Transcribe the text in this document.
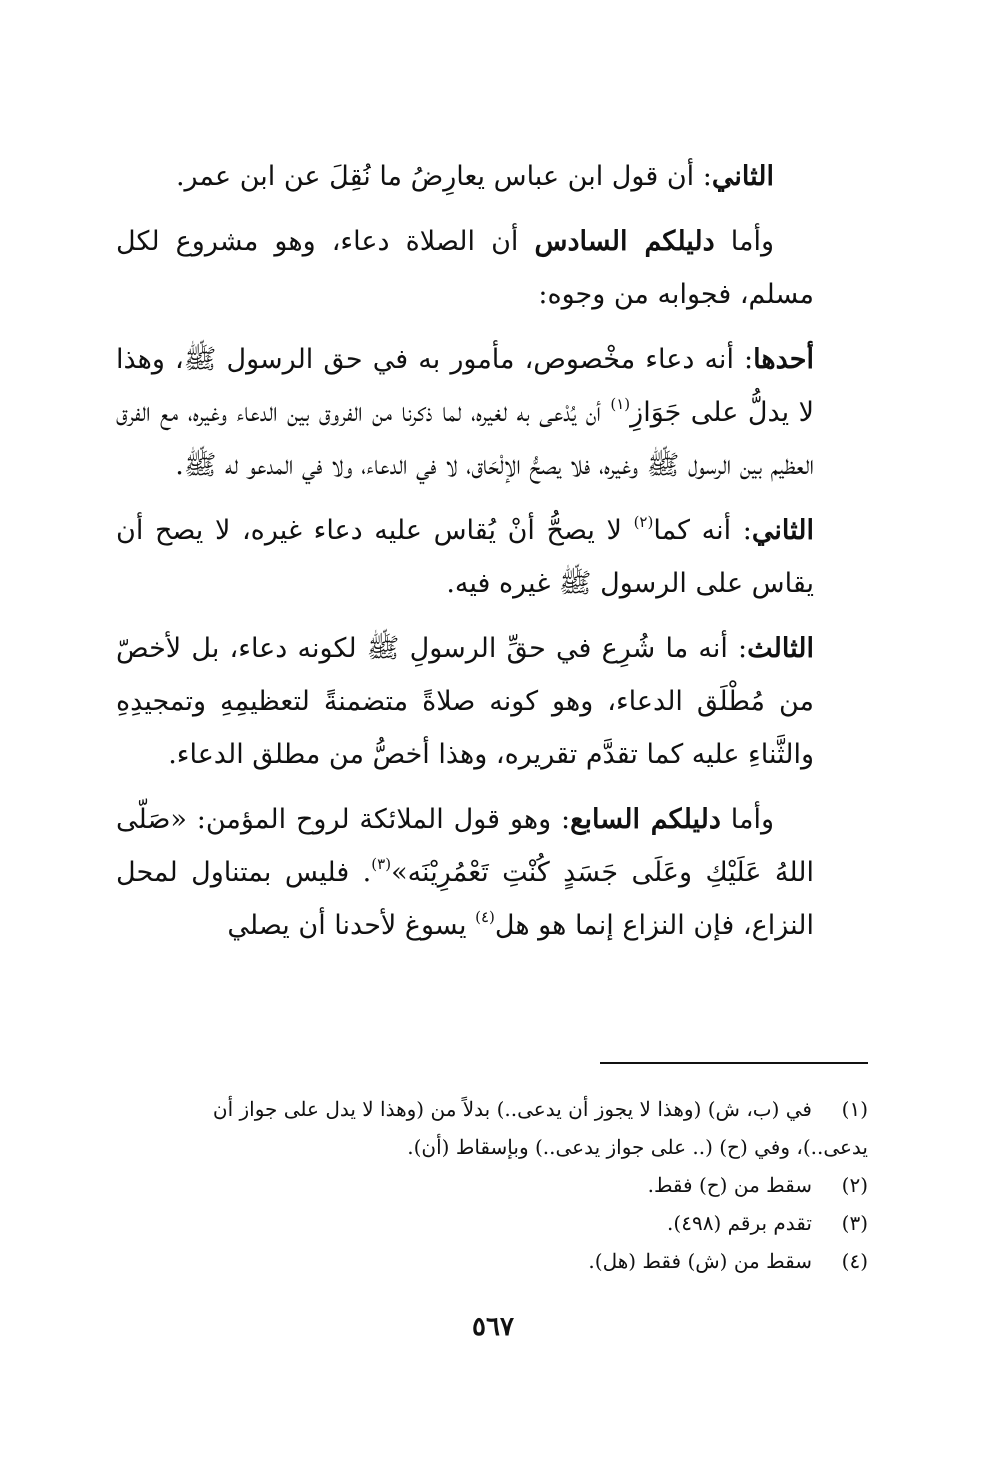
الثاني: أن قول ابن عباس يعارِضُ ما نُقِلَ عن ابن عمر.

وأما دليلكم السادس أن الصلاة دعاء، وهو مشروع لكل مسلم، فجوابه من وجوه:

أحدها: أنه دعاء مخْصوص، مأمور به في حق الرسول ﷺ، وهذا لا يدلُّ على جَوَازِ$^{(١)}$ أن يُدْعى به لغيره، لما ذكرنا من الفروق بين الدعاء وغيره، مع الفرق العظيم بين الرسول ﷺ وغيره، فلا يصحُّ الإلْحَاق، لا في الدعاء، ولا في المدعو له ﷺ.

الثاني: أنه كما$^{(٢)}$ لا يصحُّ أنْ يُقاس عليه دعاء غيره، لا يصح أن يقاس على الرسول ﷺ غيره فيه.

الثالث: أنه ما شُرِع في حقِّ الرسولِ ﷺ لكونه دعاء، بل لأخصّ من مُطْلَق الدعاء، وهو كونه صلاةً متضمنةً لتعظيمِهِ وتمجيدِهِ والثَّناءِ عليه كما تقدَّم تقريره، وهذا أخصُّ من مطلق الدعاء.

وأما دليلكم السابع: وهو قول الملائكة لروح المؤمن: «صَلّى اللهُ عَلَيْكِ وعَلَى جَسَدٍ كُنْتِ تَعْمُرِيْنَه»$^{(٣)}$. فليس بمتناول لمحل النزاع، فإن النزاع إنما هو هل$^{(٤)}$ يسوغ لأحدنا أن يصلي

(١)في (ب، ش) (وهذا لا يجوز أن يدعى..) بدلاً من (وهذا لا يدل على جواز أن
يدعى..)، وفي (ح) (.. على جواز يدعى..) وبإسقاط (أن).
(٢)سقط من (ح) فقط.
(٣)تقدم برقم (٤٩٨).
(٤)سقط من (ش) فقط (هل).
٥٦٧
